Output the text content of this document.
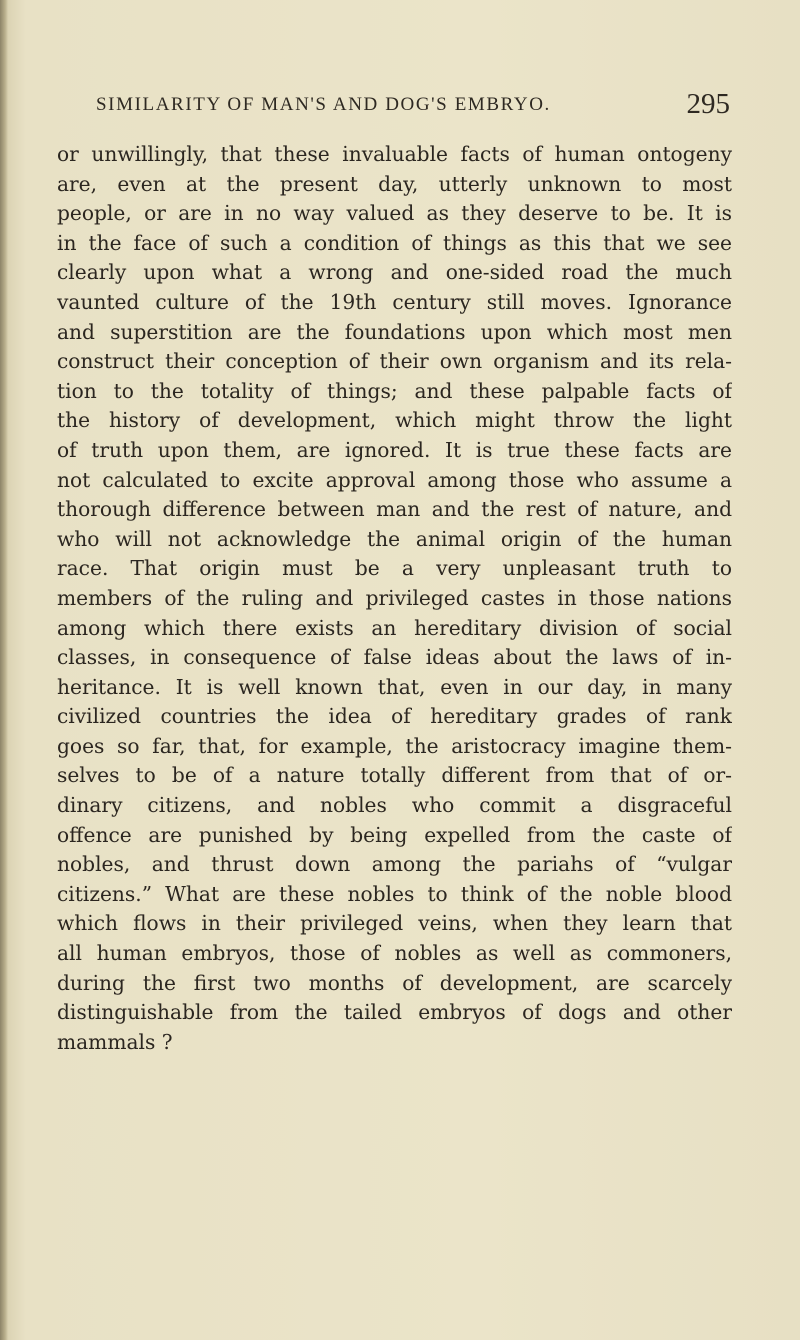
SIMILARITY OF MAN'S AND DOG'S EMBRYO.	295
or unwillingly, that these invaluable facts of human ontogeny
are, even at the present day, utterly unknown to most
people, or are in no way valued as they deserve to be. It is
in the face of such a condition of things as this that we see
clearly upon what a wrong and one-sided road the much
vaunted culture of the 19th century still moves. Ignorance
and superstition are the foundations upon which most men
construct their conception of their own organism and its rela-
tion to the totality of things; and these palpable facts of
the history of development, which might throw the light
of truth upon them, are ignored. It is true these facts are
not calculated to excite approval among those who assume a
thorough difference between man and the rest of nature, and
who will not acknowledge the animal origin of the human
race. That origin must be a very unpleasant truth to
members of the ruling and privileged castes in those nations
among which there exists an hereditary division of social
classes, in consequence of false ideas about the laws of in-
heritance. It is well known that, even in our day, in many
civilized countries the idea of hereditary grades of rank
goes so far, that, for example, the aristocracy imagine them-
selves to be of a nature totally different from that of or-
dinary citizens, and nobles who commit a disgraceful
offence are punished by being expelled from the caste of
nobles, and thrust down among the pariahs of “vulgar
citizens.” What are these nobles to think of the noble blood
which flows in their privileged veins, when they learn that
all human embryos, those of nobles as well as commoners,
during the first two months of development, are scarcely
distinguishable from the tailed embryos of dogs and other
mammals ?
